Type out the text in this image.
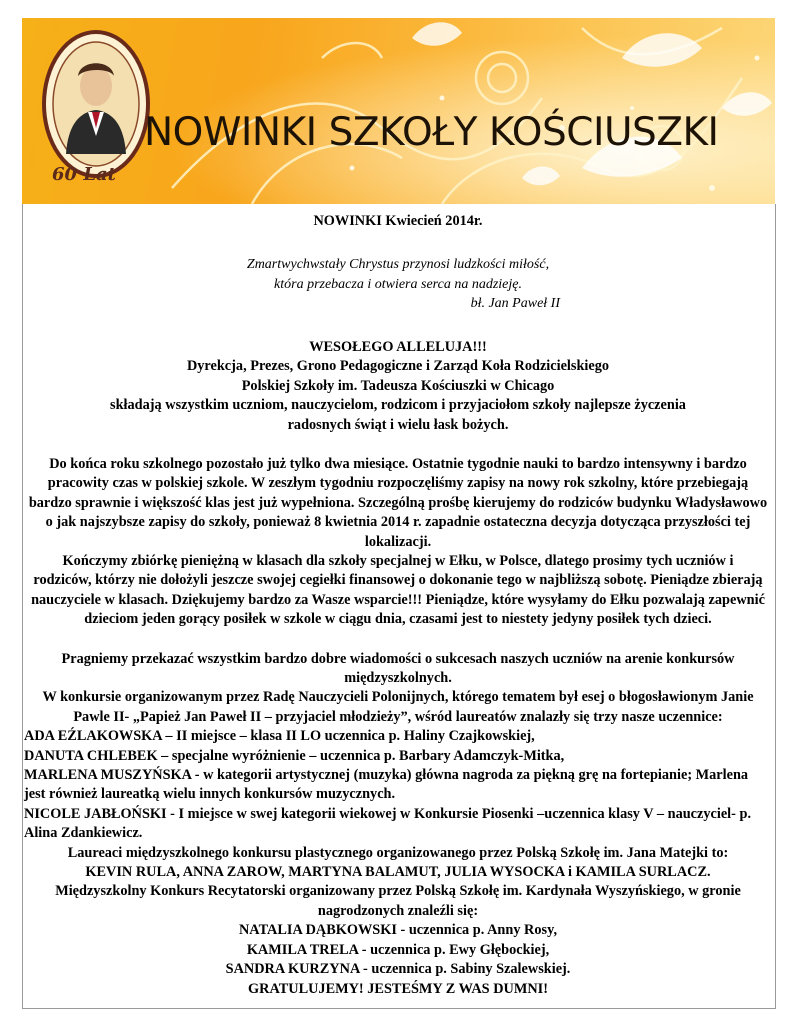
60 Lat
NOWINKI SZKOŁY KOŚCIUSZKI

NOWINKI Kwiecień 2014r.

Zmartwychwstały Chrystus przynosi ludzkości miłość,

która przebacza i otwiera serca na nadzieję.

bł. Jan Paweł II

WESOŁEGO ALLELUJA!!!

Dyrekcja, Prezes, Grono Pedagogiczne i Zarząd Koła Rodzicielskiego

Polskiej Szkoły im. Tadeusza Kościuszki w Chicago

składają wszystkim uczniom, nauczycielom, rodzicom i przyjaciołom szkoły najlepsze życzenia

radosnych świąt i wielu łask bożych.

Do końca roku szkolnego pozostało już tylko dwa miesiące. Ostatnie tygodnie nauki to bardzo intensywny i bardzo

pracowity czas w polskiej szkole. W zeszłym tygodniu rozpoczęliśmy zapisy na nowy rok szkolny, które przebiegają

bardzo sprawnie i większość klas jest już wypełniona. Szczególną prośbę kierujemy do rodziców budynku Władysławowo

o jak najszybsze zapisy do szkoły, ponieważ 8 kwietnia 2014 r. zapadnie ostateczna decyzja dotycząca przyszłości tej

lokalizacji.

Kończymy zbiórkę pieniężną w klasach dla szkoły specjalnej w Ełku, w Polsce, dlatego prosimy tych uczniów i

rodziców, którzy nie dołożyli jeszcze swojej cegiełki finansowej o dokonanie tego w najbliższą sobotę. Pieniądze zbierają

nauczyciele w klasach. Dziękujemy bardzo za Wasze wsparcie!!! Pieniądze, które wysyłamy do Ełku pozwalają zapewnić

dzieciom jeden gorący posiłek w szkole w ciągu dnia, czasami jest to niestety jedyny posiłek tych dzieci.

Pragniemy przekazać wszystkim bardzo dobre wiadomości o sukcesach naszych uczniów na arenie konkursów

międzyszkolnych.

W konkursie organizowanym przez Radę Nauczycieli Polonijnych, którego tematem był esej o błogosławionym Janie

Pawle II- „Papież Jan Paweł II – przyjaciel młodzieży”, wśród laureatów znalazły się trzy nasze uczennice:

ADA EŹLAKOWSKA – II miejsce – klasa II LO uczennica p. Haliny Czajkowskiej,

DANUTA CHLEBEK – specjalne wyróżnienie – uczennica p. Barbary Adamczyk-Mitka,

MARLENA MUSZYŃSKA - w kategorii artystycznej (muzyka) główna nagroda za piękną grę na fortepianie; Marlena

jest również laureatką wielu innych konkursów muzycznych.

NICOLE JABŁOŃSKI - I miejsce w swej kategorii wiekowej w Konkursie Piosenki –uczennica klasy V – nauczyciel- p.

Alina Zdankiewicz.

Laureaci międzyszkolnego konkursu plastycznego organizowanego przez Polską Szkołę im. Jana Matejki to:

KEVIN RULA, ANNA ZAROW, MARTYNA BALAMUT, JULIA WYSOCKA i KAMILA SURLACZ.

Międzyszkolny Konkurs Recytatorski organizowany przez Polską Szkołę im. Kardynała Wyszyńskiego, w gronie

nagrodzonych znaleźli się:

NATALIA DĄBKOWSKI - uczennica p. Anny Rosy,

KAMILA TRELA - uczennica p. Ewy Głębockiej,

SANDRA KURZYNA - uczennica p. Sabiny Szalewskiej.

GRATULUJEMY! JESTEŚMY Z WAS DUMNI!
